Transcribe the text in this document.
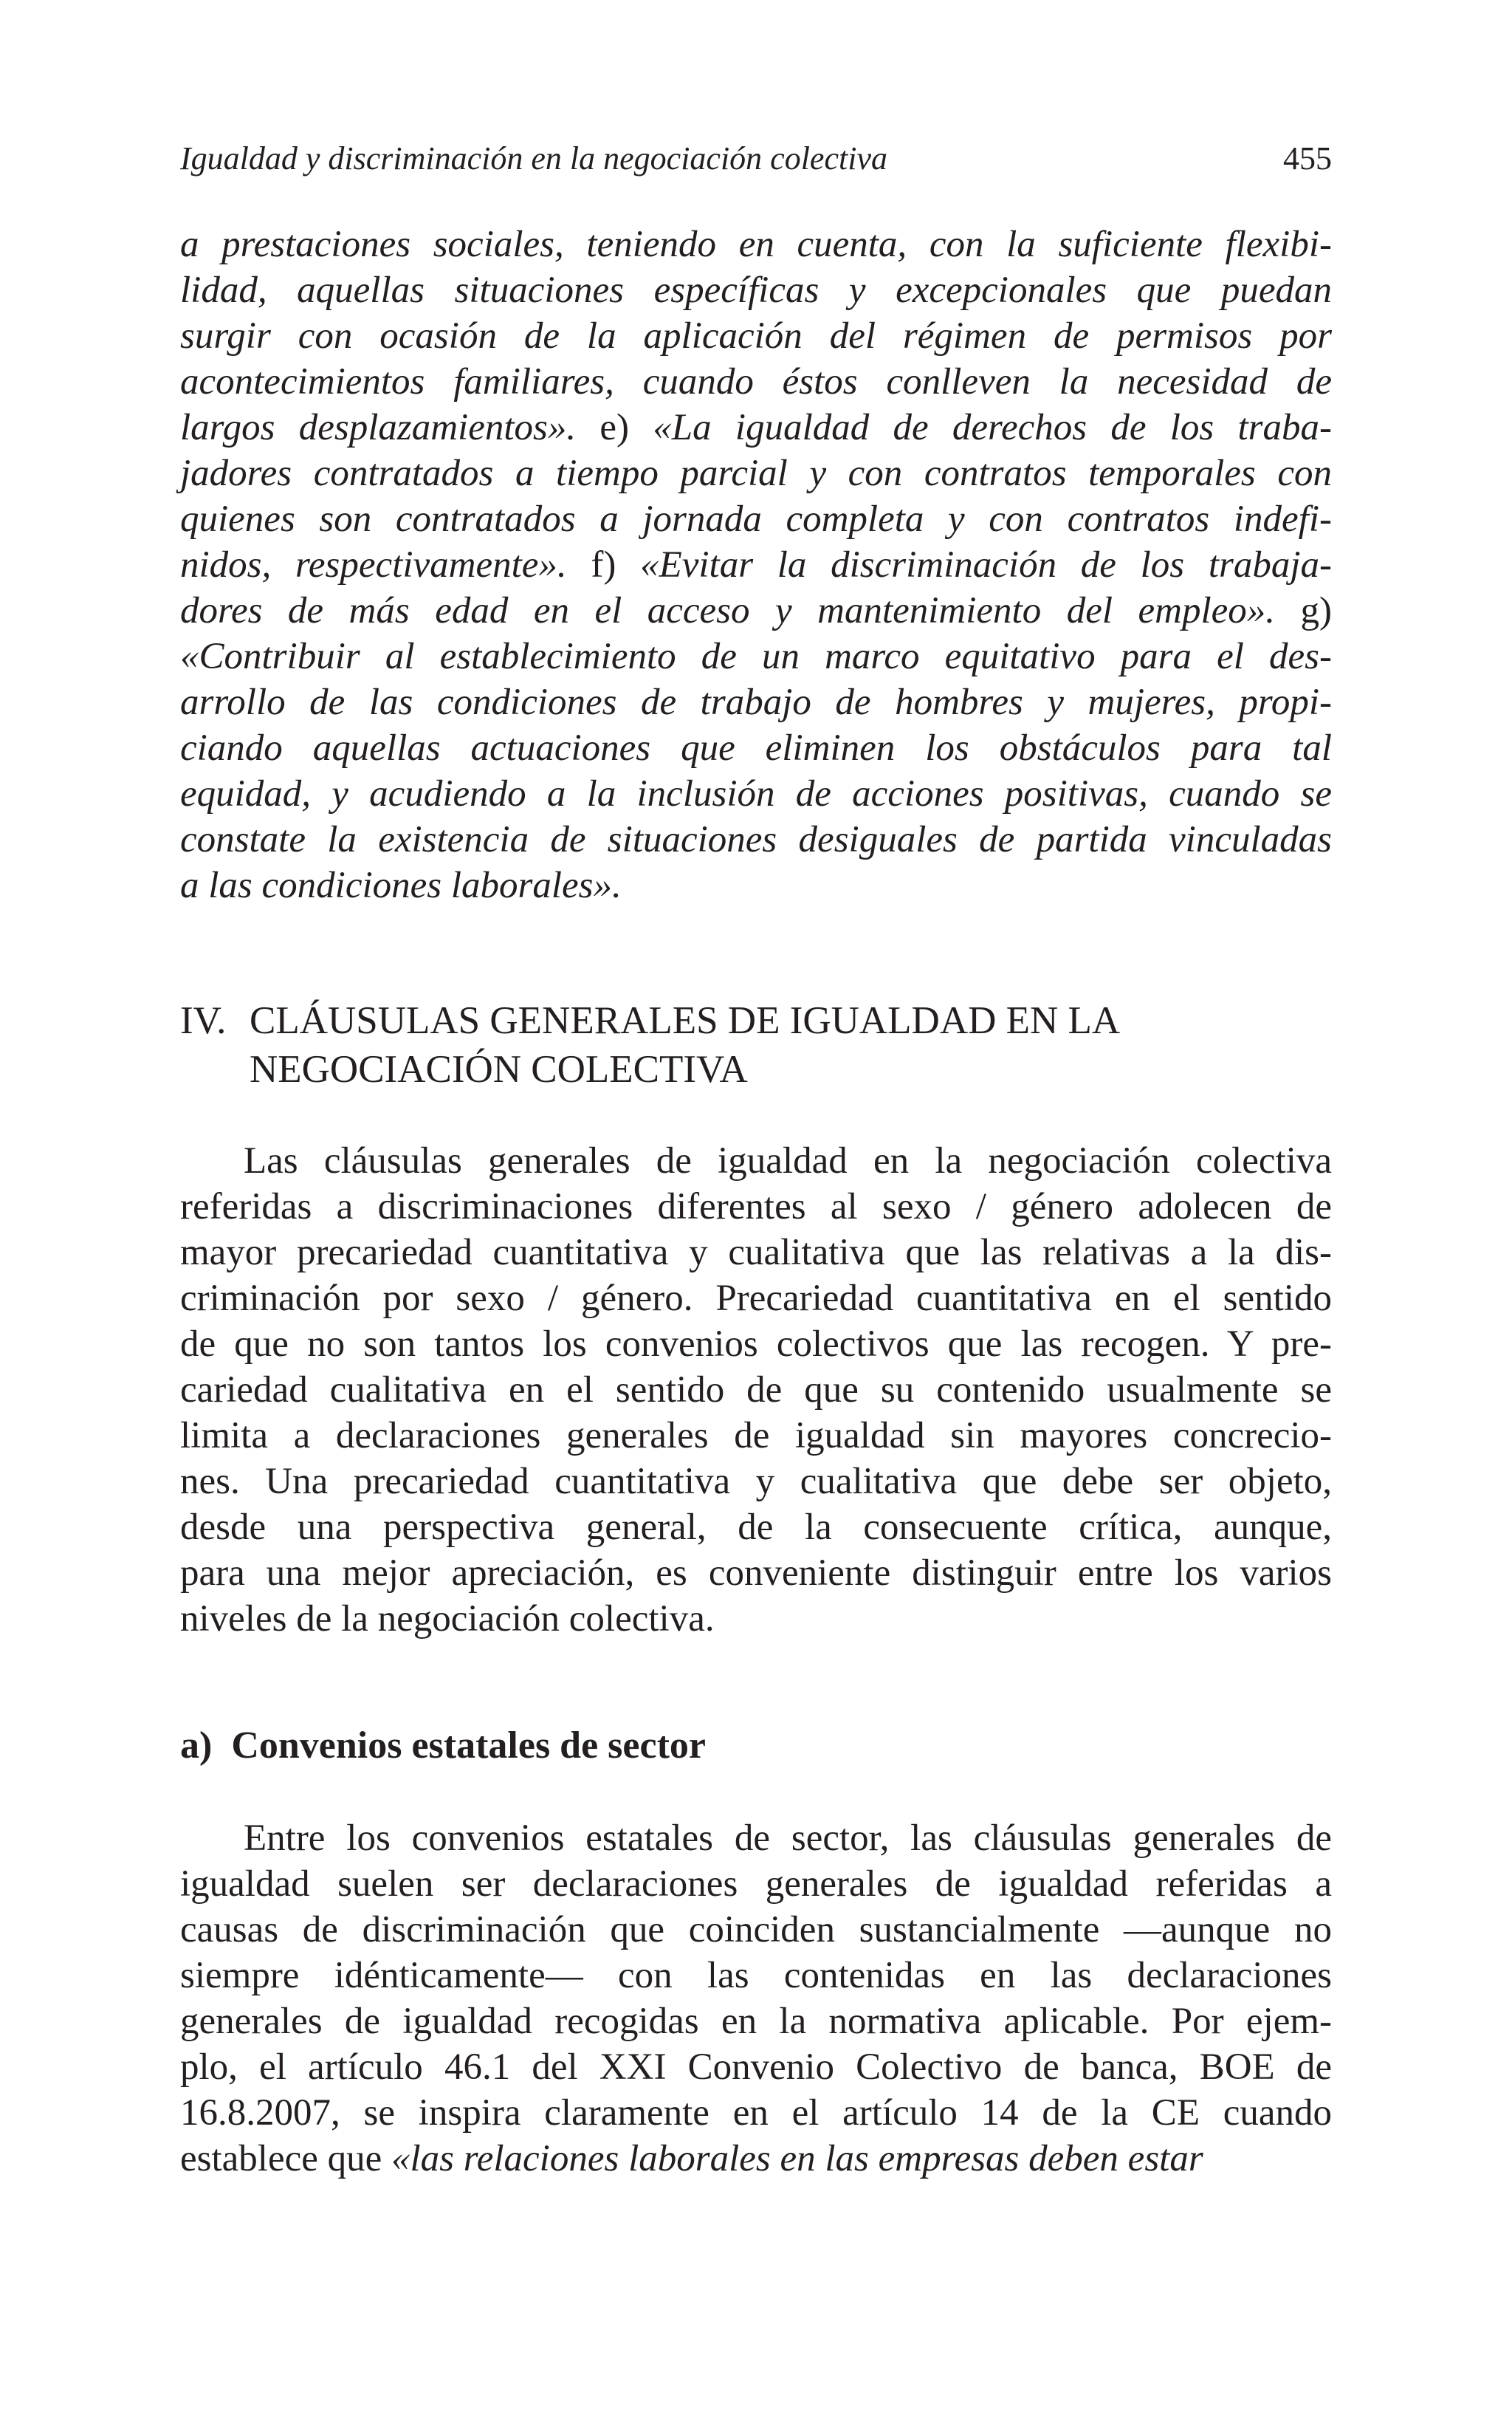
Igualdad y discriminación en la negociación colectiva	455
a prestaciones sociales, teniendo en cuenta, con la suficiente flexibi-
lidad, aquellas situaciones específicas y excepcionales que puedan
surgir con ocasión de la aplicación del régimen de permisos por
acontecimientos familiares, cuando éstos conlleven la necesidad de
largos desplazamientos». e) «La igualdad de derechos de los traba-
jadores contratados a tiempo parcial y con contratos temporales con
quienes son contratados a jornada completa y con contratos indefi-
nidos, respectivamente». f) «Evitar la discriminación de los trabaja-
dores de más edad en el acceso y mantenimiento del empleo». g)
«Contribuir al establecimiento de un marco equitativo para el des-
arrollo de las condiciones de trabajo de hombres y mujeres, propi-
ciando aquellas actuaciones que eliminen los obstáculos para tal
equidad, y acudiendo a la inclusión de acciones positivas, cuando se
constate la existencia de situaciones desiguales de partida vinculadas
a las condiciones laborales».
IV. CLÁUSULAS GENERALES DE IGUALDAD EN LA
NEGOCIACIÓN COLECTIVA
Las cláusulas generales de igualdad en la negociación colectiva
referidas a discriminaciones diferentes al sexo / género adolecen de
mayor precariedad cuantitativa y cualitativa que las relativas a la dis-
criminación por sexo / género. Precariedad cuantitativa en el sentido
de que no son tantos los convenios colectivos que las recogen. Y pre-
cariedad cualitativa en el sentido de que su contenido usualmente se
limita a declaraciones generales de igualdad sin mayores concrecio-
nes. Una precariedad cuantitativa y cualitativa que debe ser objeto,
desde una perspectiva general, de la consecuente crítica, aunque,
para una mejor apreciación, es conveniente distinguir entre los varios
niveles de la negociación colectiva.
a)  Convenios estatales de sector
Entre los convenios estatales de sector, las cláusulas generales de
igualdad suelen ser declaraciones generales de igualdad referidas a
causas de discriminación que coinciden sustancialmente —aunque no
siempre idénticamente— con las contenidas en las declaraciones
generales de igualdad recogidas en la normativa aplicable. Por ejem-
plo, el artículo 46.1 del XXI Convenio Colectivo de banca, BOE de
16.8.2007, se inspira claramente en el artículo 14 de la CE cuando
establece que «las relaciones laborales en las empresas deben estar
